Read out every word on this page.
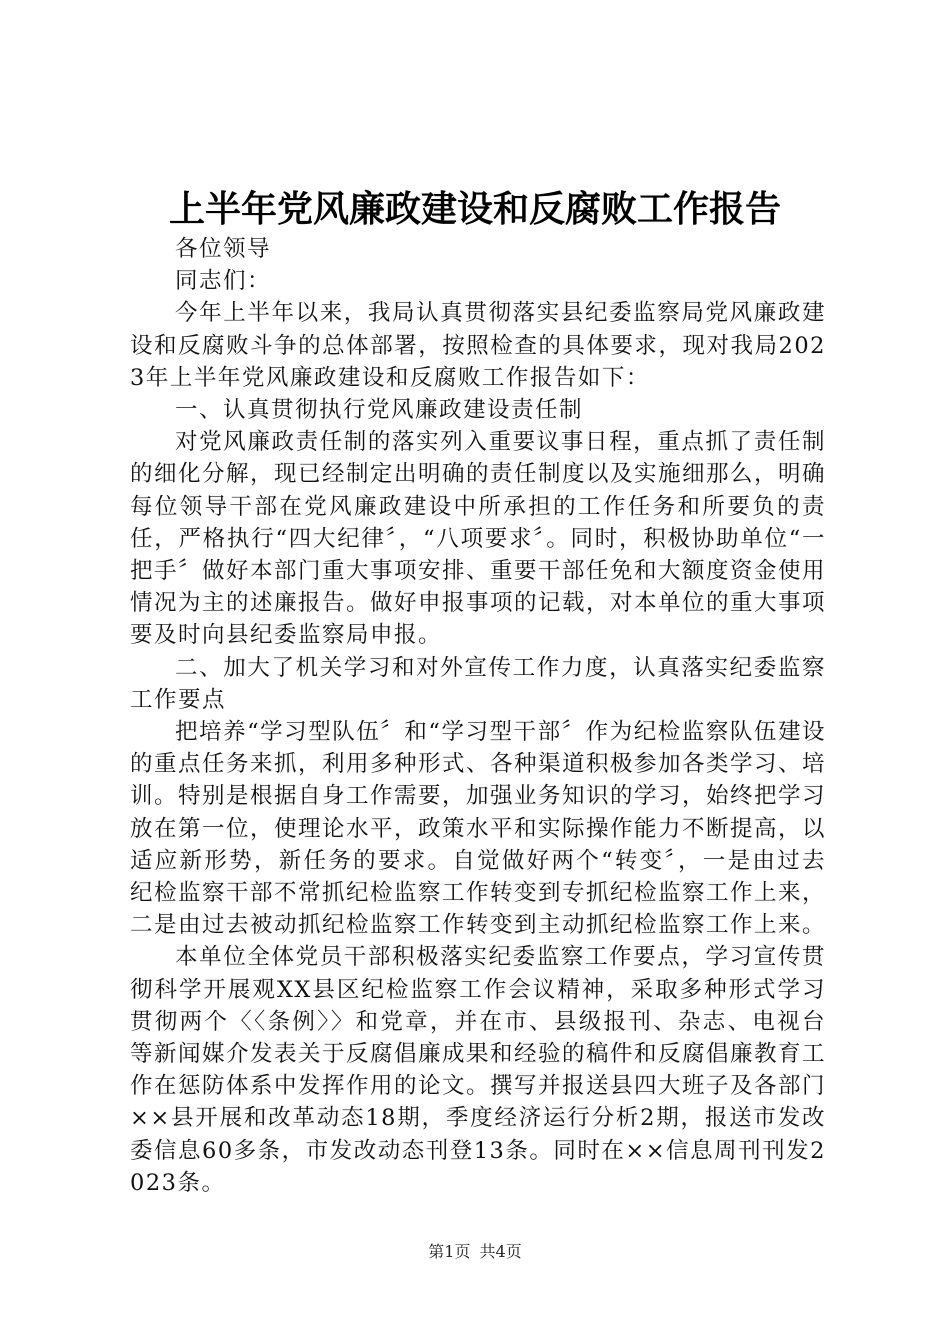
上半年党风廉政建设和反腐败工作报告

各位领导

同志们：

今年上半年以来，我局认真贯彻落实县纪委监察局党风廉政建设和反腐败斗争的总体部署，按照检查的具体要求，现对我局2023年上半年党风廉政建设和反腐败工作报告如下：

一、认真贯彻执行党风廉政建设责任制

对党风廉政责任制的落实列入重要议事日程，重点抓了责任制的细化分解，现已经制定出明确的责任制度以及实施细那么，明确每位领导干部在党风廉政建设中所承担的工作任务和所要负的责任，严格执行“四大纪律〞，“八项要求〞。同时，积极协助单位“一把手〞做好本部门重大事项安排、重要干部任免和大额度资金使用情况为主的述廉报告。做好申报事项的记载，对本单位的重大事项要及时向县纪委监察局申报。

二、加大了机关学习和对外宣传工作力度，认真落实纪委监察工作要点

把培养“学习型队伍〞和“学习型干部〞作为纪检监察队伍建设的重点任务来抓，利用多种形式、各种渠道积极参加各类学习、培训。特别是根据自身工作需要，加强业务知识的学习，始终把学习放在第一位，使理论水平，政策水平和实际操作能力不断提高，以适应新形势，新任务的要求。自觉做好两个“转变〞，一是由过去纪检监察干部不常抓纪检监察工作转变到专抓纪检监察工作上来，二是由过去被动抓纪检监察工作转变到主动抓纪检监察工作上来。

本单位全体党员干部积极落实纪委监察工作要点，学习宣传贯彻科学开展观XX县区纪检监察工作会议精神，采取多种形式学习贯彻两个〈〈条例〉〉和党章，并在市、县级报刊、杂志、电视台等新闻媒介发表关于反腐倡廉成果和经验的稿件和反腐倡廉教育工作在惩防体系中发挥作用的论文。撰写并报送县四大班子及各部门××县开展和改革动态18期，季度经济运行分析2期，报送市发改委信息60多条，市发改动态刊登13条。同时在××信息周刊刊发2023条。

第1页 共4页
